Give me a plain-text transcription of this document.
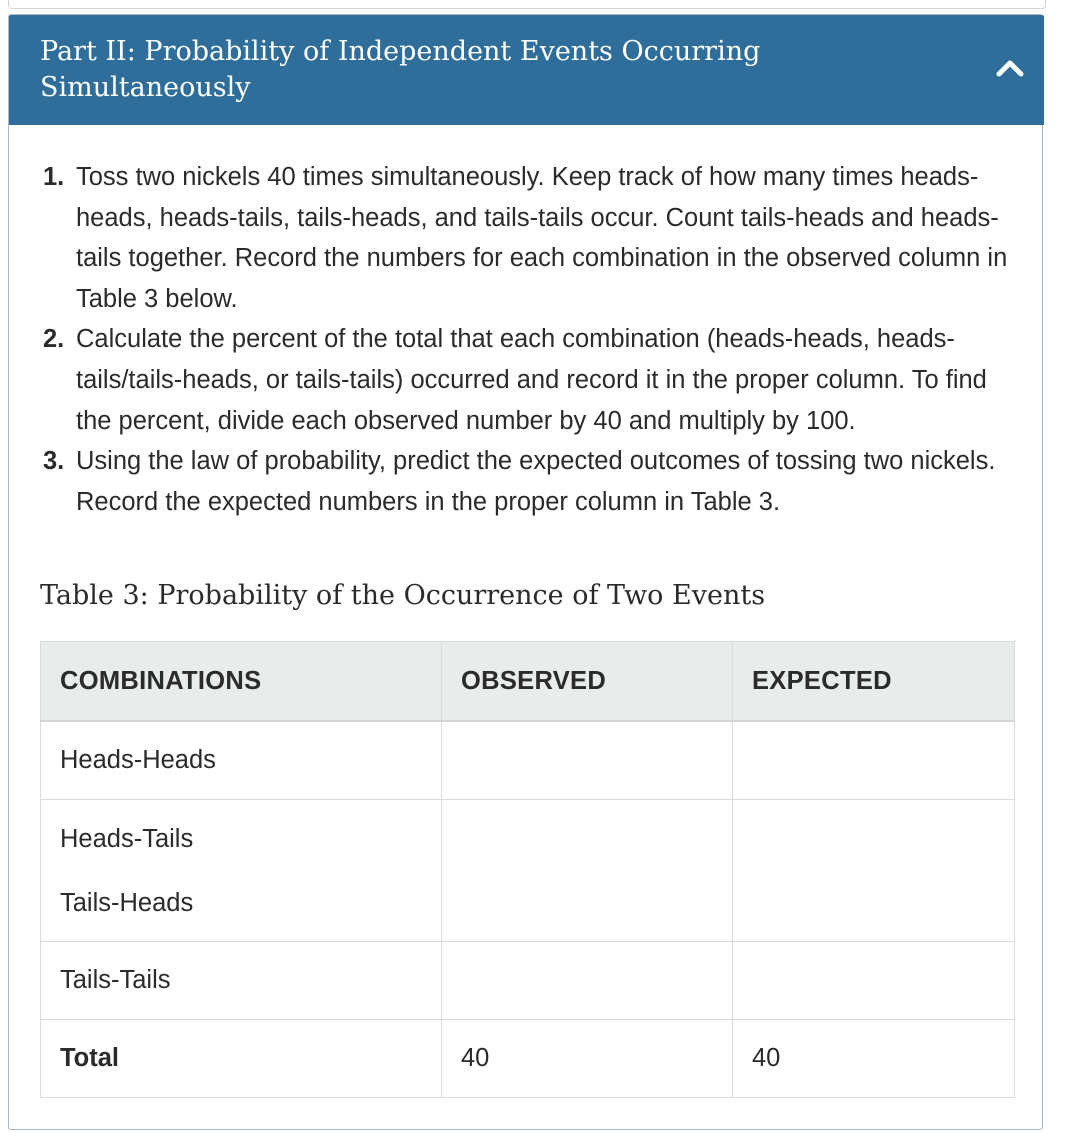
Part II: Probability of Independent Events Occurring Simultaneously
1. Toss two nickels 40 times simultaneously. Keep track of how many times heads-heads, heads-tails, tails-heads, and tails-tails occur. Count tails-heads and heads-tails together. Record the numbers for each combination in the observed column in Table 3 below.
2. Calculate the percent of the total that each combination (heads-heads, heads-tails/tails-heads, or tails-tails) occurred and record it in the proper column. To find the percent, divide each observed number by 40 and multiply by 100.
3. Using the law of probability, predict the expected outcomes of tossing two nickels. Record the expected numbers in the proper column in Table 3.
Table 3: Probability of the Occurrence of Two Events
COMBINATIONS	OBSERVED	EXPECTED
Heads-Heads		

Heads-Tails
Tails-Heads		

Tails-Tails		
Total	40	40
